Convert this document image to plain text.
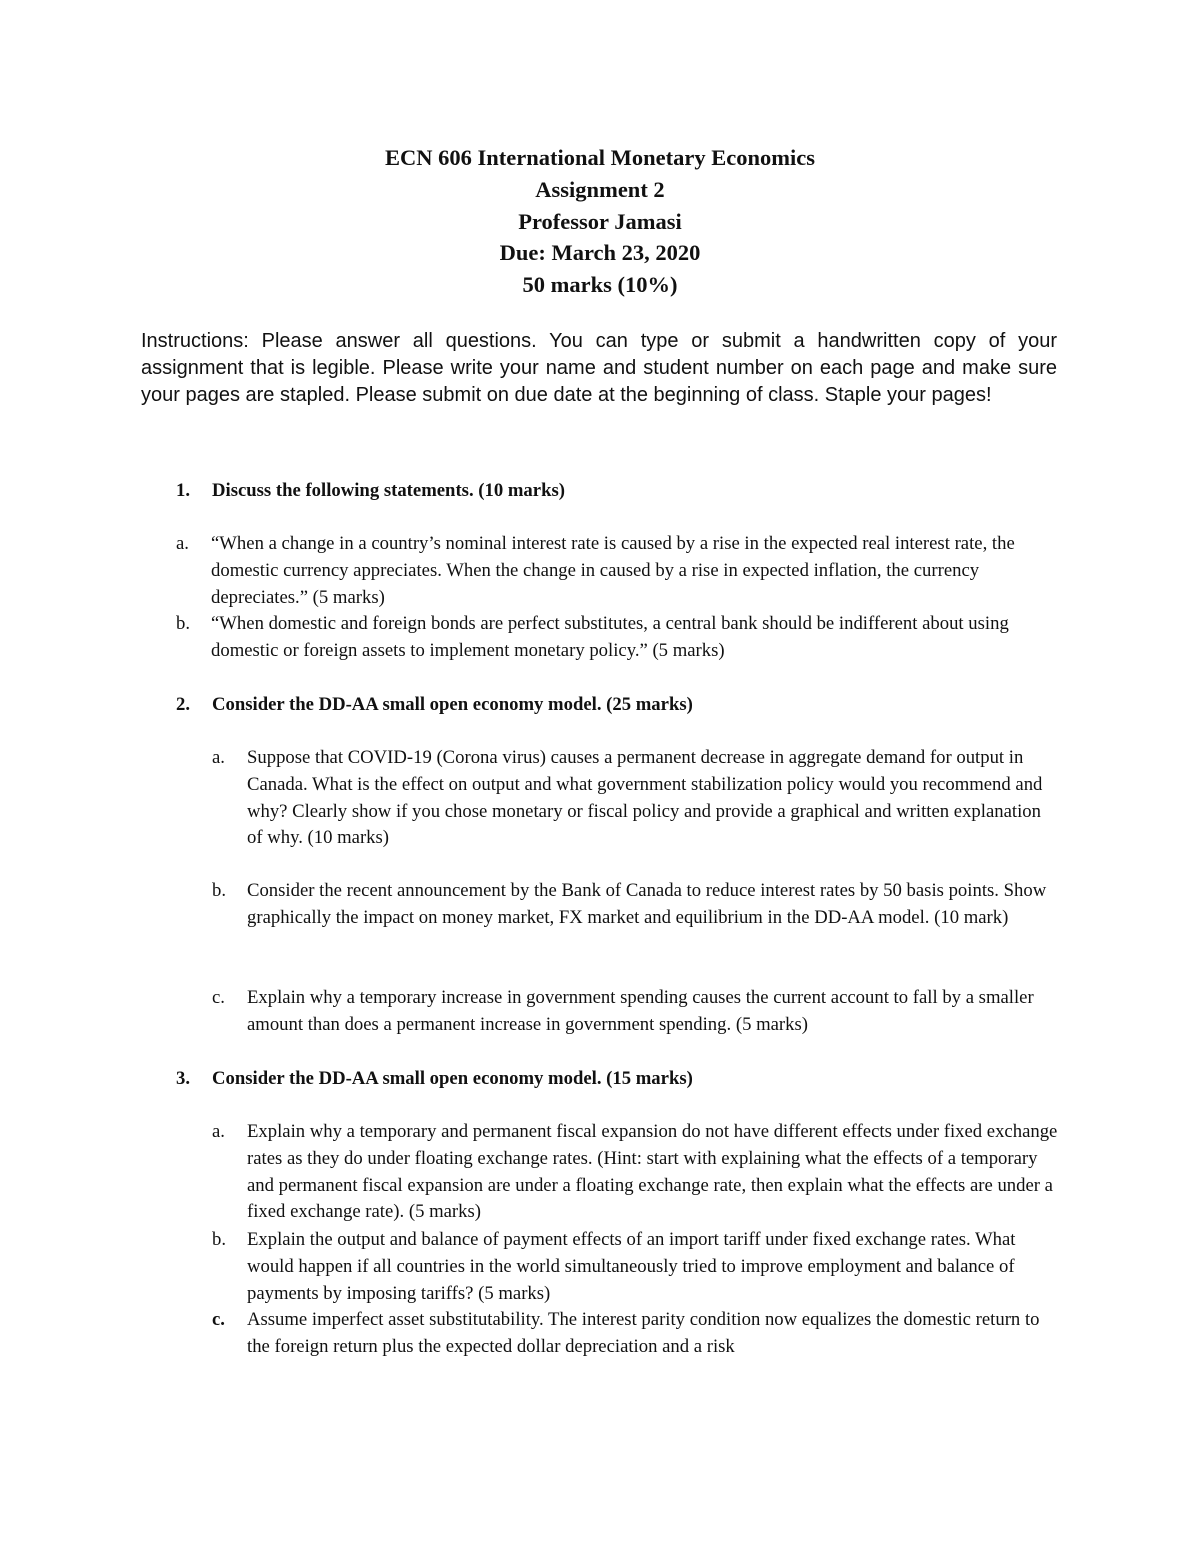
ECN 606 International Monetary Economics
Assignment 2
Professor Jamasi
Due: March 23, 2020
50 marks (10%)

Instructions: Please answer all questions. You can type or submit a handwritten copy of your assignment that is legible. Please write your name and student number on each page and make sure your pages are stapled. Please submit on due date at the beginning of class. Staple your pages!

1. Discuss the following statements. (10 marks)
a. “When a change in a country’s nominal interest rate is caused by a rise in the expected real interest rate, the domestic currency appreciates. When the change in caused by a rise in expected inflation, the currency depreciates.” (5 marks)
b. “When domestic and foreign bonds are perfect substitutes, a central bank should be indifferent about using domestic or foreign assets to implement monetary policy.” (5 marks)
2. Consider the DD-AA small open economy model. (25 marks)
a. Suppose that COVID-19 (Corona virus) causes a permanent decrease in aggregate demand for output in Canada. What is the effect on output and what government stabilization policy would you recommend and why? Clearly show if you chose monetary or fiscal policy and provide a graphical and written explanation of why. (10 marks)
b. Consider the recent announcement by the Bank of Canada to reduce interest rates by 50 basis points. Show graphically the impact on money market, FX market and equilibrium in the DD-AA model. (10 mark)
c. Explain why a temporary increase in government spending causes the current account to fall by a smaller amount than does a permanent increase in government spending. (5 marks)
3. Consider the DD-AA small open economy model. (15 marks)
a. Explain why a temporary and permanent fiscal expansion do not have different effects under fixed exchange rates as they do under floating exchange rates. (Hint: start with explaining what the effects of a temporary and permanent fiscal expansion are under a floating exchange rate, then explain what the effects are under a fixed exchange rate). (5 marks)
b. Explain the output and balance of payment effects of an import tariff under fixed exchange rates. What would happen if all countries in the world simultaneously tried to improve employment and balance of payments by imposing tariffs? (5 marks)
c. Assume imperfect asset substitutability. The interest parity condition now equalizes the domestic return to the foreign return plus the expected dollar depreciation and a risk
